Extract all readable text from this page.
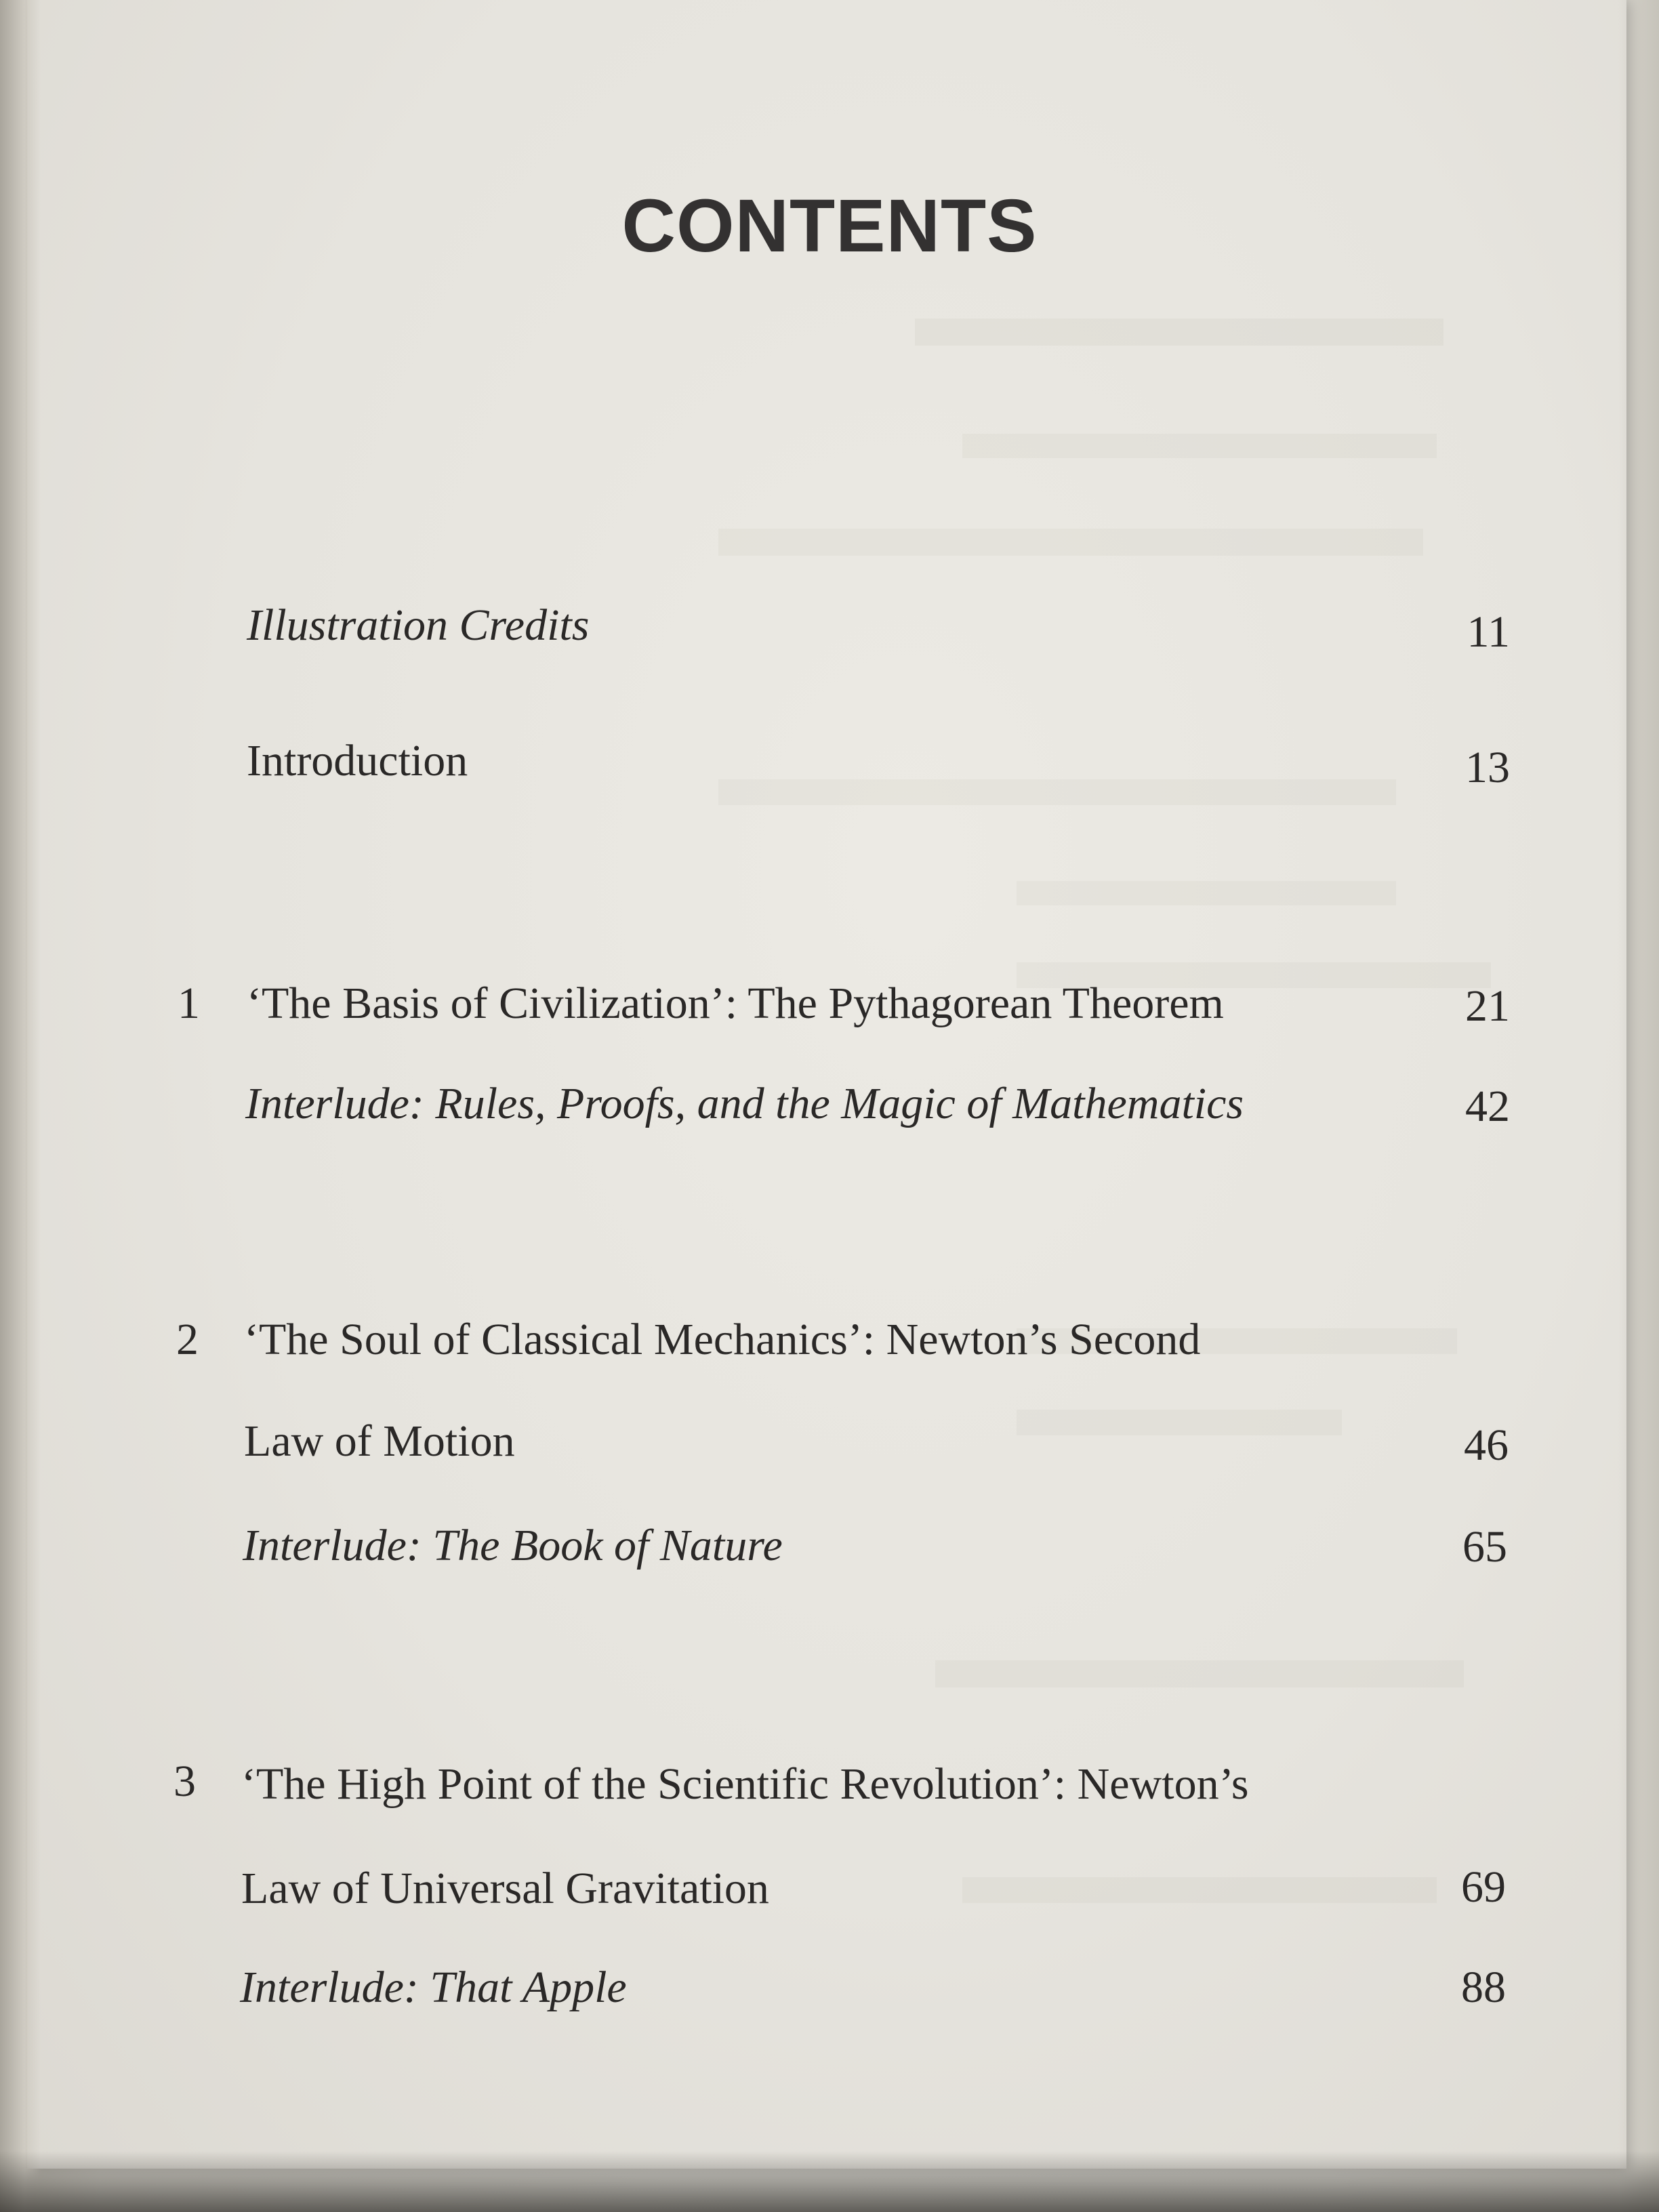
CONTENTS
Illustration Credits	11
Introduction	13
1 ‘The Basis of Civilization’: The Pythagorean Theorem	21
Interlude: Rules, Proofs, and the Magic of Mathematics	42
2 ‘The Soul of Classical Mechanics’: Newton’s Second
Law of Motion	46
Interlude: The Book of Nature	65
3 ‘The High Point of the Scientific Revolution’: Newton’s
Law of Universal Gravitation	69
Interlude: That Apple	88
